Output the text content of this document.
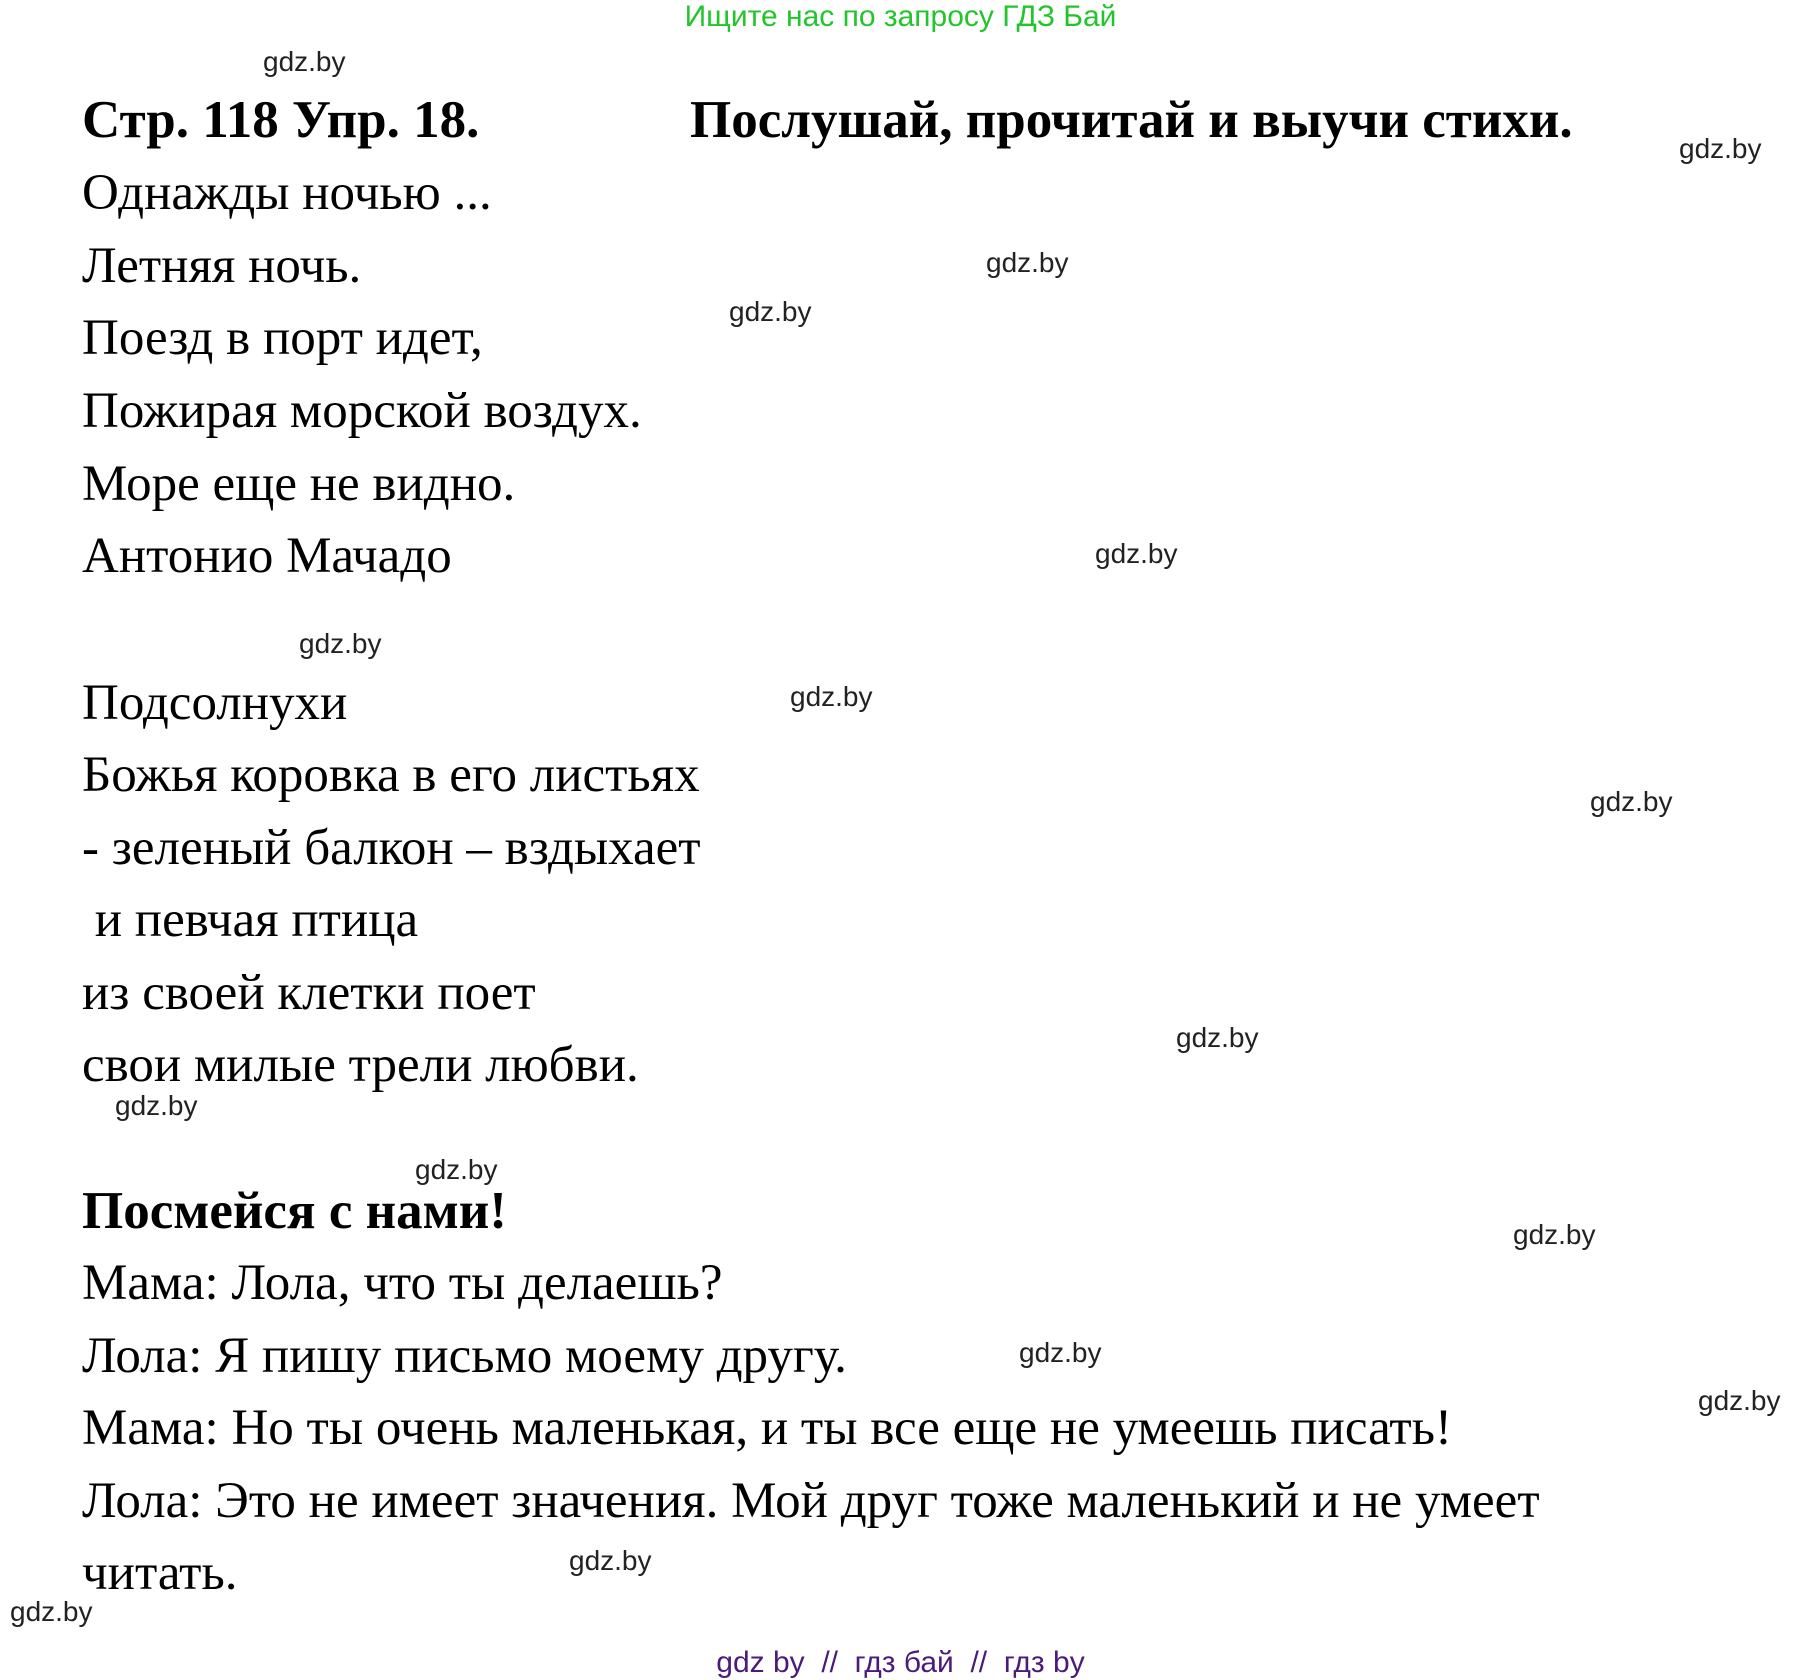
Ищите нас по запросу ГДЗ Бай
gdz.by
gdz.by
gdz.by
gdz.by
gdz.by
gdz.by
gdz.by
gdz.by
gdz.by
gdz.by
gdz.by
gdz.by
gdz.by
gdz.by
gdz.by
gdz.by
Стр. 118 Упр. 18.	Послушай, прочитай и выучи стихи.
Однажды ночью ...
Летняя ночь.
Поезд в порт идет,
Пожирая морской воздух.
Море еще не видно.
Антонио Мачадо
Подсолнухи
Божья коровка в его листьях
- зеленый балкон – вздыхает
и певчая птица
из своей клетки поет
свои милые трели любви.
Посмейся с нами!
Мама: Лола, что ты делаешь?
Лола: Я пишу письмо моему другу.
Мама: Но ты очень маленькая, и ты все еще не умеешь писать!
Лола: Это не имеет значения. Мой друг тоже маленький и не умеет
читать.
gdz by  //  гдз бай  //  гдз by
